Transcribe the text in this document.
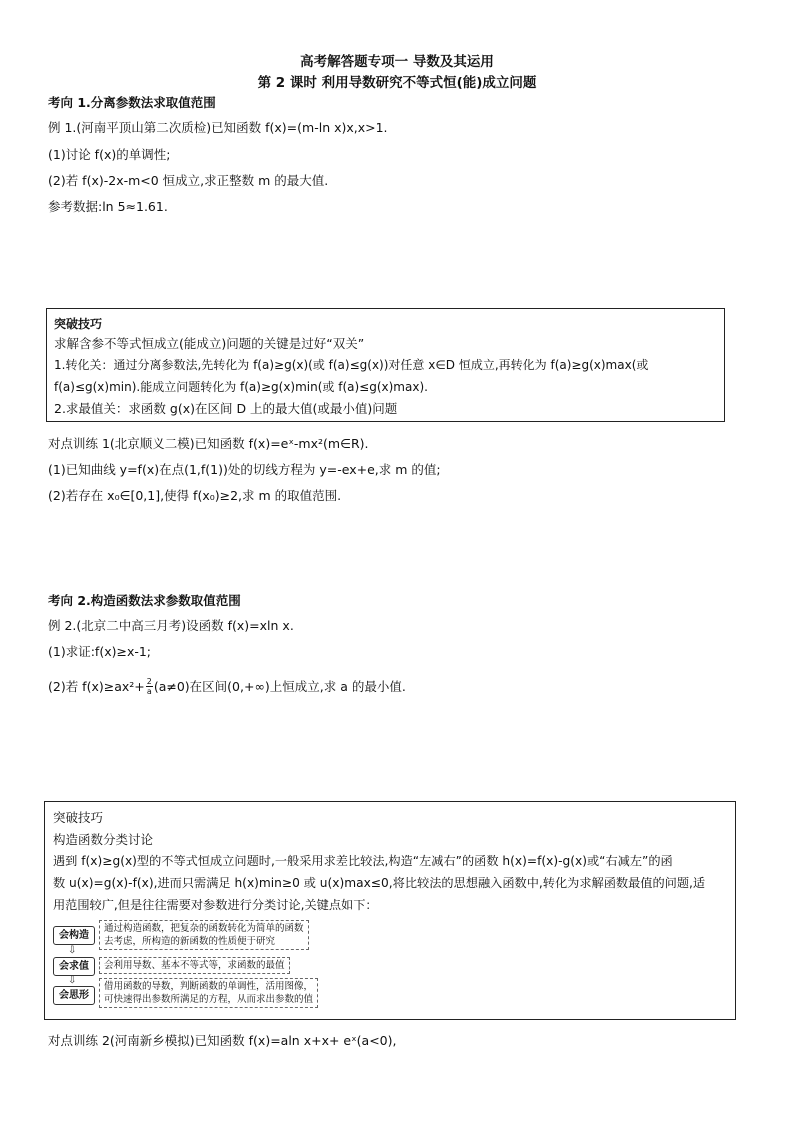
高考解答题专项一 导数及其运用
第 2 课时 利用导数研究不等式恒(能)成立问题
考向 1.分离参数法求取值范围
例 1.(河南平顶山第二次质检)已知函数 f(x)=(m-ln x)x,x>1.
(1)讨论 f(x)的单调性;
(2)若 f(x)-2x-m<0 恒成立,求正整数 m 的最大值.
参考数据:ln 5≈1.61.
突破技巧
求解含参不等式恒成立(能成立)问题的关键是过好“双关”
1.转化关：通过分离参数法,先转化为 f(a)≥g(x)(或 f(a)≤g(x))对任意 x∈D 恒成立,再转化为 f(a)≥g(x)max(或
f(a)≤g(x)min).能成立问题转化为 f(a)≥g(x)min(或 f(a)≤g(x)max).
2.求最值关：求函数 g(x)在区间 D 上的最大值(或最小值)问题
对点训练 1(北京顺义二模)已知函数 f(x)=eˣ-mx²(m∈R).
(1)已知曲线 y=f(x)在点(1,f(1))处的切线方程为 y=-ex+e,求 m 的值;
(2)若存在 x₀∈[0,1],使得 f(x₀)≥2,求 m 的取值范围.
考向 2.构造函数法求参数取值范围
例 2.(北京二中高三月考)设函数 f(x)=xln x.
(1)求证:f(x)≥x-1;
(2)若 $f(x)\ge ax^2+ \frac{2}{a} (a\ne 0)$在区间(0,+∞)上恒成立,求 a 的最小值.
突破技巧
构造函数分类讨论
遇到 f(x)≥g(x)型的不等式恒成立问题时,一般采用求差比较法,构造“左减右”的函数 h(x)=f(x)-g(x)或“右减左”的函
数 u(x)=g(x)-f(x),进而只需满足 h(x)min≥0 或 u(x)max≤0,将比较法的思想融入函数中,转化为求解函数最值的问题,适
用范围较广,但是往往需要对参数进行分类讨论,关键点如下：
会构造
通过构造函数，把复杂的函数转化为简单的函数
去考虑，所构造的新函数的性质便于研究
⇩
会求值	会利用导数、基本不等式等，求函数的最值
⇩
会思形
借用函数的导数，判断函数的单调性，活用图像，
可快速得出参数所满足的方程，从而求出参数的值
对点训练 2(河南新乡模拟)已知函数 f(x)=aln x+x+ eˣ(a<0),
